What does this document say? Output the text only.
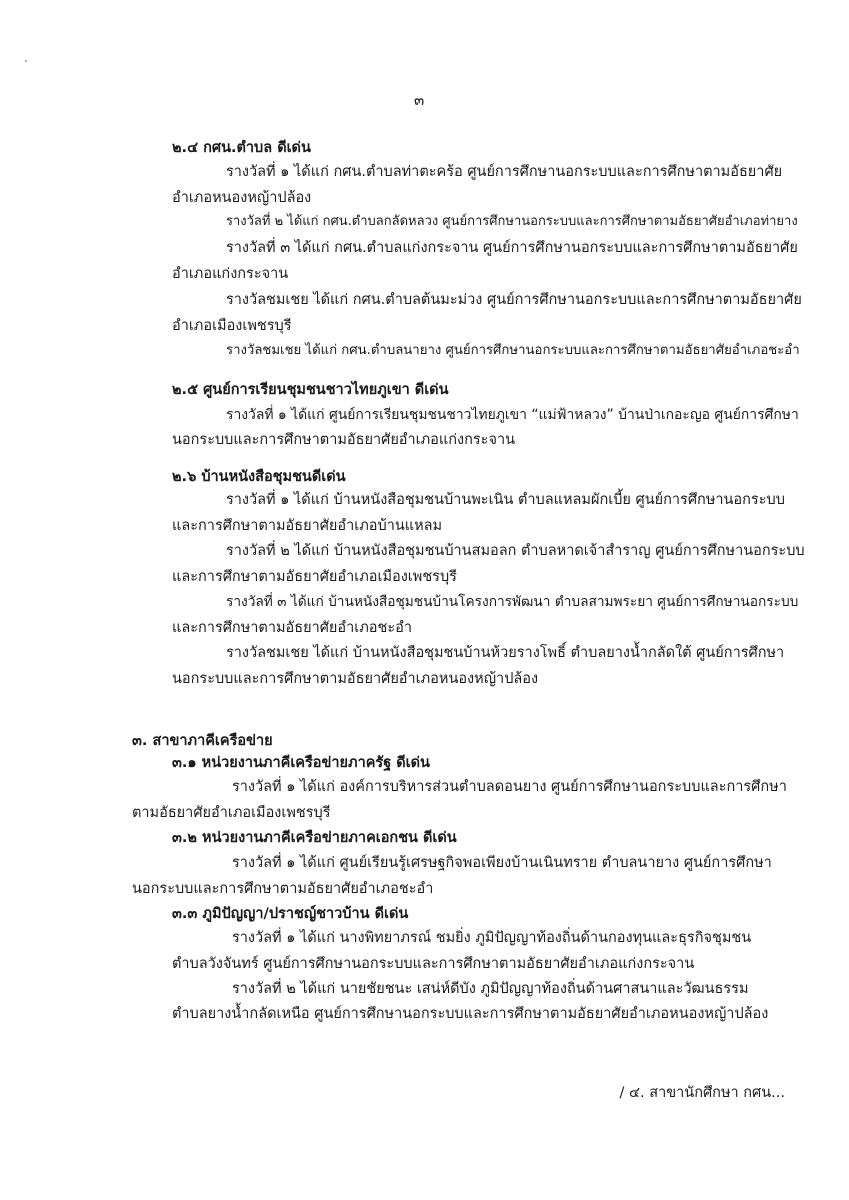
๓
๒.๔ กศน.ตำบล ดีเด่น
รางวัลที่ ๑ ได้แก่ กศน.ตำบลท่าตะคร้อ ศูนย์การศึกษานอกระบบและการศึกษาตามอัธยาศัย
อำเภอหนองหญ้าปล้อง
รางวัลที่ ๒ ได้แก่ กศน.ตำบลกลัดหลวง ศูนย์การศึกษานอกระบบและการศึกษาตามอัธยาศัยอำเภอท่ายาง
รางวัลที่ ๓ ได้แก่ กศน.ตำบลแก่งกระจาน ศูนย์การศึกษานอกระบบและการศึกษาตามอัธยาศัย
อำเภอแก่งกระจาน
รางวัลชมเชย ได้แก่ กศน.ตำบลต้นมะม่วง ศูนย์การศึกษานอกระบบและการศึกษาตามอัธยาศัย
อำเภอเมืองเพชรบุรี
รางวัลชมเชย ได้แก่ กศน.ตำบลนายาง ศูนย์การศึกษานอกระบบและการศึกษาตามอัธยาศัยอำเภอชะอำ
๒.๕ ศูนย์การเรียนชุมชนชาวไทยภูเขา ดีเด่น
รางวัลที่ ๑ ได้แก่ ศูนย์การเรียนชุมชนชาวไทยภูเขา “แม่ฟ้าหลวง” บ้านป่าเกอะญอ ศูนย์การศึกษา
นอกระบบและการศึกษาตามอัธยาศัยอำเภอแก่งกระจาน
๒.๖ บ้านหนังสือชุมชนดีเด่น
รางวัลที่ ๑ ได้แก่ บ้านหนังสือชุมชนบ้านพะเนิน ตำบลแหลมผักเบี้ย ศูนย์การศึกษานอกระบบ
และการศึกษาตามอัธยาศัยอำเภอบ้านแหลม
รางวัลที่ ๒ ได้แก่ บ้านหนังสือชุมชนบ้านสมอลก ตำบลหาดเจ้าสำราญ ศูนย์การศึกษานอกระบบ
และการศึกษาตามอัธยาศัยอำเภอเมืองเพชรบุรี
รางวัลที่ ๓ ได้แก่ บ้านหนังสือชุมชนบ้านโครงการพัฒนา ตำบลสามพระยา ศูนย์การศึกษานอกระบบ
และการศึกษาตามอัธยาศัยอำเภอชะอำ
รางวัลชมเชย ได้แก่ บ้านหนังสือชุมชนบ้านห้วยรางโพธิ์ ตำบลยางน้ำกลัดใต้ ศูนย์การศึกษา
นอกระบบและการศึกษาตามอัธยาศัยอำเภอหนองหญ้าปล้อง
๓. สาขาภาคีเครือข่าย
๓.๑ หน่วยงานภาคีเครือข่ายภาครัฐ ดีเด่น
รางวัลที่ ๑ ได้แก่ องค์การบริหารส่วนตำบลดอนยาง ศูนย์การศึกษานอกระบบและการศึกษา
ตามอัธยาศัยอำเภอเมืองเพชรบุรี
๓.๒ หน่วยงานภาคีเครือข่ายภาคเอกชน ดีเด่น
รางวัลที่ ๑ ได้แก่ ศูนย์เรียนรู้เศรษฐกิจพอเพียงบ้านเนินทราย ตำบลนายาง ศูนย์การศึกษา
นอกระบบและการศึกษาตามอัธยาศัยอำเภอชะอำ
๓.๓ ภูมิปัญญา/ปราชญ์ชาวบ้าน ดีเด่น
รางวัลที่ ๑ ได้แก่ นางพิทยาภรณ์ ชมยิ่ง ภูมิปัญญาท้องถิ่นด้านกองทุนและธุรกิจชุมชน
ตำบลวังจันทร์ ศูนย์การศึกษานอกระบบและการศึกษาตามอัธยาศัยอำเภอแก่งกระจาน
รางวัลที่ ๒ ได้แก่ นายชัยชนะ เสน่ห์ดีบัง ภูมิปัญญาท้องถิ่นด้านศาสนาและวัฒนธรรม
ตำบลยางน้ำกลัดเหนือ ศูนย์การศึกษานอกระบบและการศึกษาตามอัธยาศัยอำเภอหนองหญ้าปล้อง
/ ๔. สาขานักศึกษา กศน...
